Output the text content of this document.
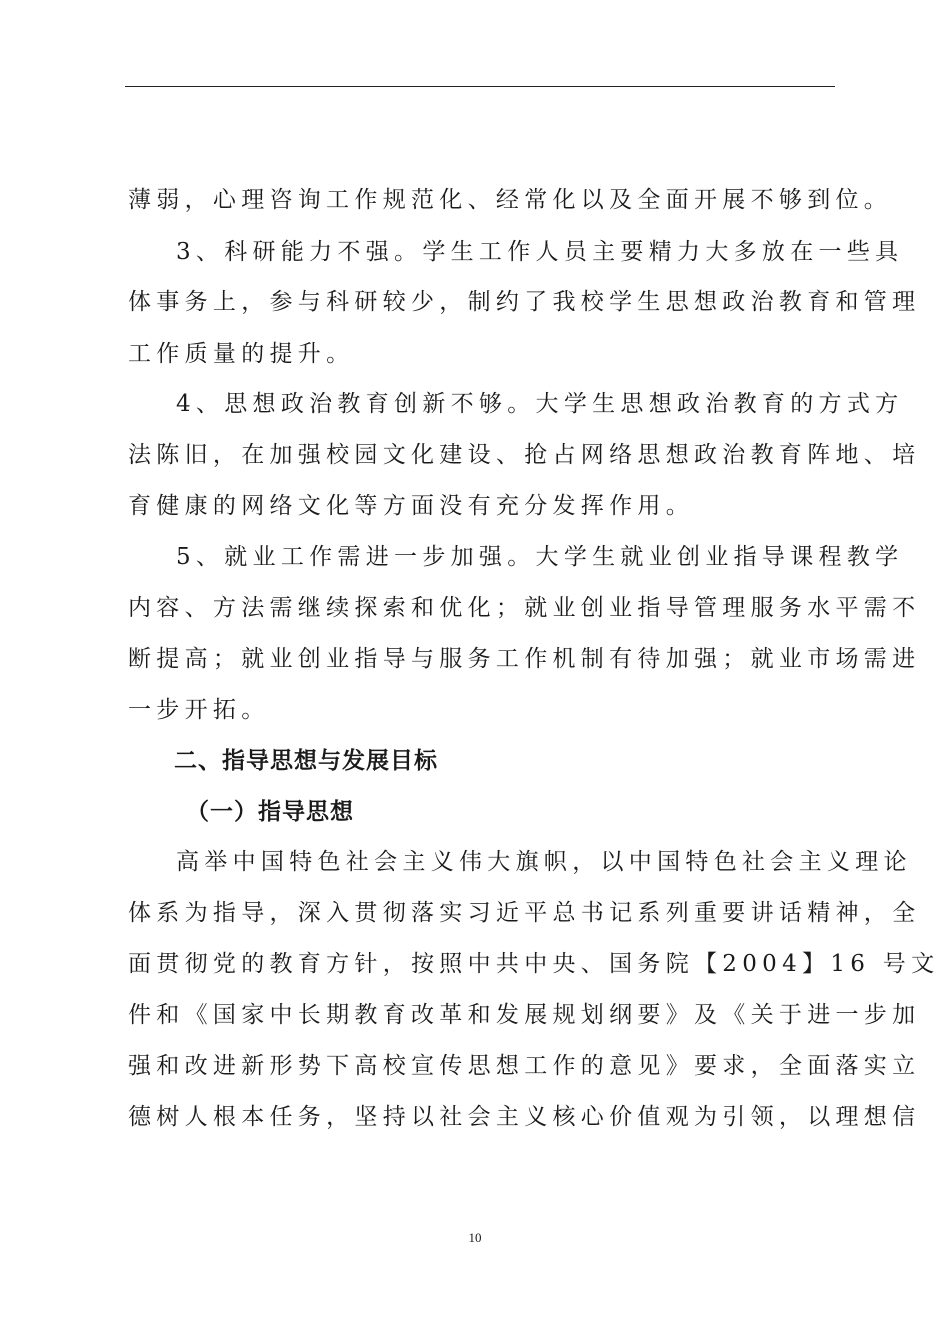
薄弱，心理咨询工作规范化、经常化以及全面开展不够到位。
3、科研能力不强。学生工作人员主要精力大多放在一些具
体事务上，参与科研较少，制约了我校学生思想政治教育和管理
工作质量的提升。
4、思想政治教育创新不够。大学生思想政治教育的方式方
法陈旧，在加强校园文化建设、抢占网络思想政治教育阵地、培
育健康的网络文化等方面没有充分发挥作用。
5、就业工作需进一步加强。大学生就业创业指导课程教学
内容、方法需继续探索和优化；就业创业指导管理服务水平需不
断提高；就业创业指导与服务工作机制有待加强；就业市场需进
一步开拓。
二、指导思想与发展目标
（一）指导思想
高举中国特色社会主义伟大旗帜，以中国特色社会主义理论
体系为指导，深入贯彻落实习近平总书记系列重要讲话精神，全
面贯彻党的教育方针，按照中共中央、国务院【2004】16 号文
件和《国家中长期教育改革和发展规划纲要》及《关于进一步加
强和改进新形势下高校宣传思想工作的意见》要求，全面落实立
德树人根本任务，坚持以社会主义核心价值观为引领，以理想信
10
